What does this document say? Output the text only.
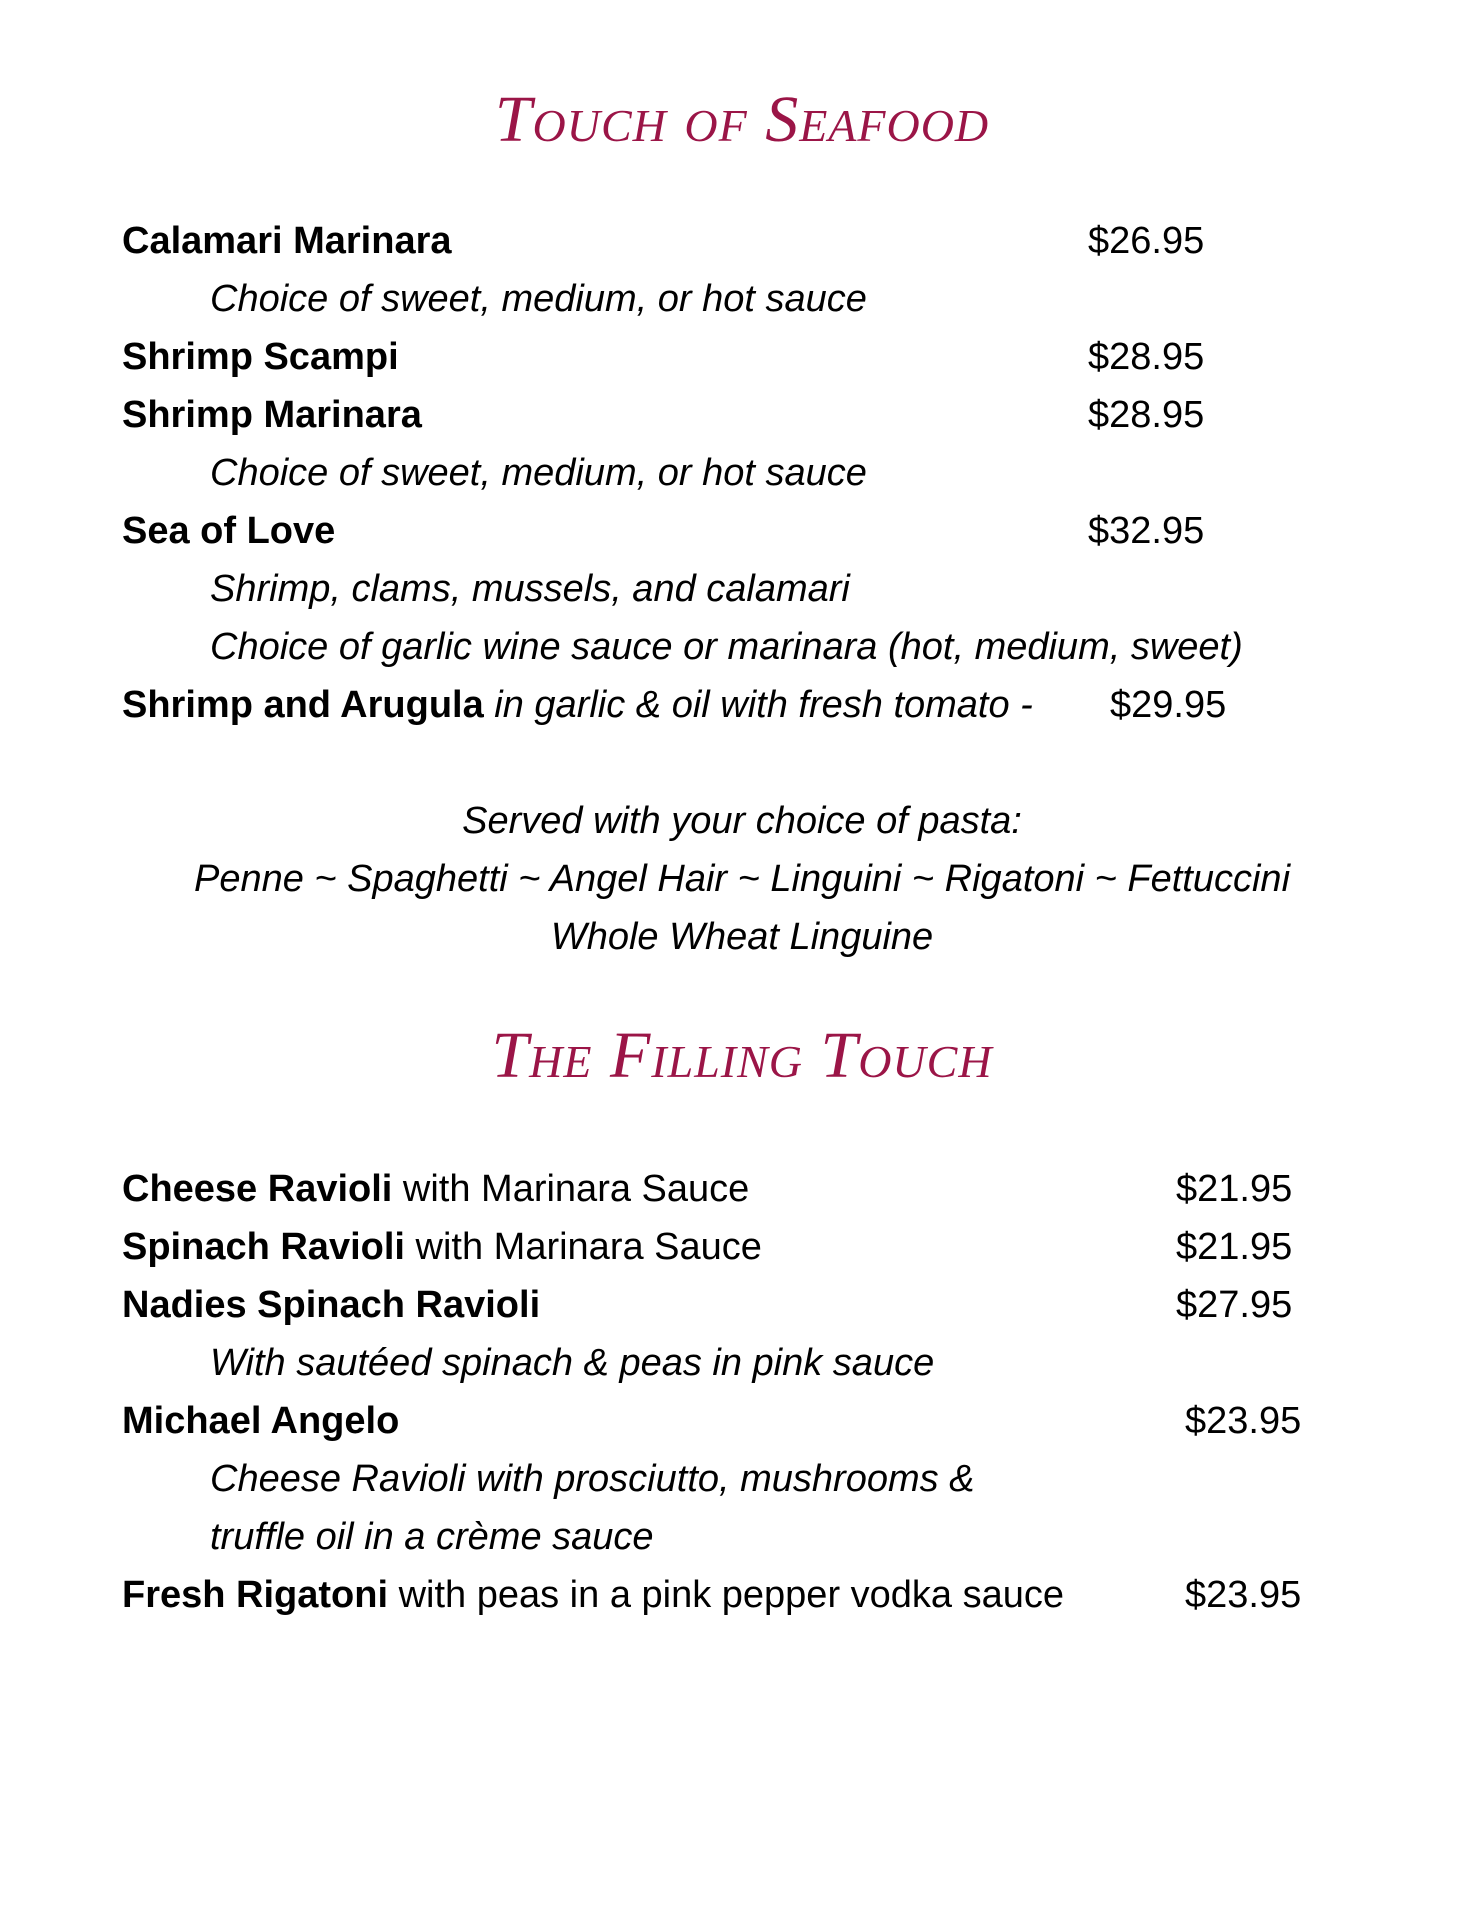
Touch of Seafood
Calamari Marinara	$26.95
Choice of sweet, medium, or hot sauce
Shrimp Scampi	$28.95
Shrimp Marinara	$28.95
Choice of sweet, medium, or hot sauce
Sea of Love	$32.95
Shrimp, clams, mussels, and calamari
Choice of garlic wine sauce or marinara (hot, medium, sweet)
Shrimp and Arugula in garlic & oil with fresh tomato - $29.95
Served with your choice of pasta:
Penne ~ Spaghetti ~ Angel Hair ~ Linguini ~ Rigatoni ~ Fettuccini
Whole Wheat Linguine
The Filling Touch
Cheese Ravioli with Marinara Sauce	$21.95
Spinach Ravioli with Marinara Sauce	$21.95
Nadies Spinach Ravioli	$27.95
With sautéed spinach & peas in pink sauce
Michael Angelo	$23.95
Cheese Ravioli with prosciutto, mushrooms &
truffle oil in a crème sauce
Fresh Rigatoni with peas in a pink pepper vodka sauce	$23.95
